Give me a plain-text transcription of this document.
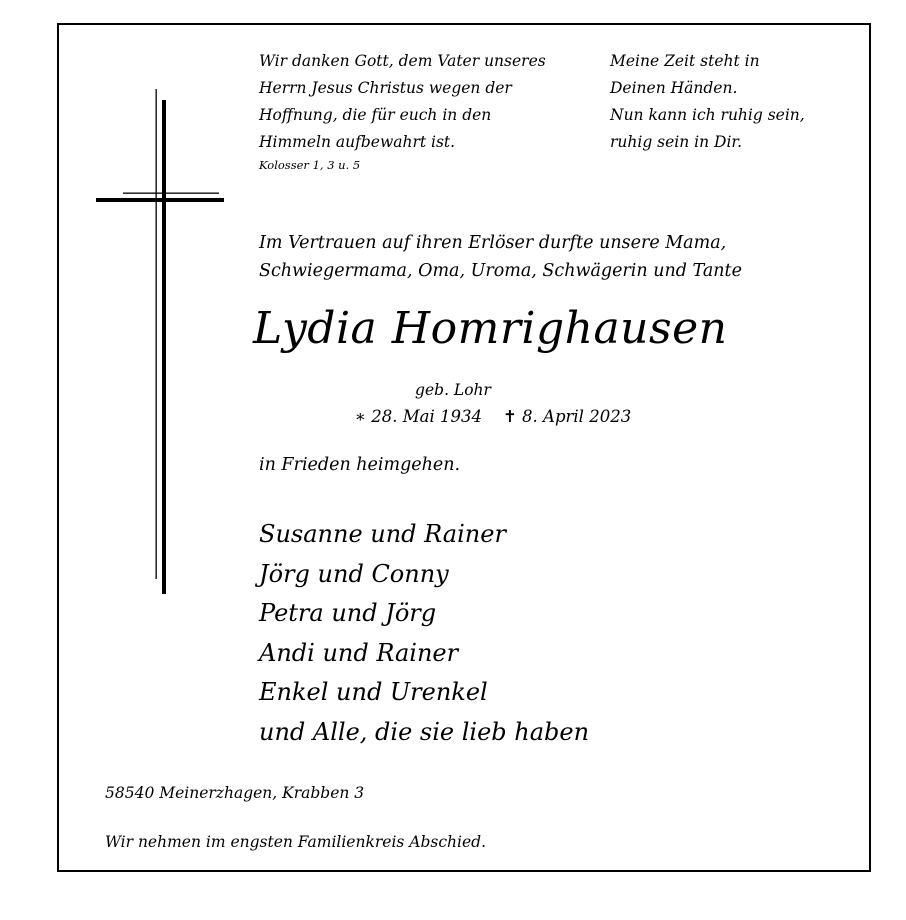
Wir danken Gott, dem Vater unseres
Herrn Jesus Christus wegen der
Hoffnung, die für euch in den
Himmeln aufbewahrt ist.
Kolosser 1, 3 u. 5
Meine Zeit steht in
Deinen Händen.
Nun kann ich ruhig sein,
ruhig sein in Dir.
Im Vertrauen auf ihren Erlöser durfte unsere Mama,
Schwiegermama, Oma, Uroma, Schwägerin und Tante
Lydia Homrighausen
geb. Lohr
∗ 28. Mai 1934 ✝ 8. April 2023
in Frieden heimgehen.
Susanne und Rainer
Jörg und Conny
Petra und Jörg
Andi und Rainer
Enkel und Urenkel
und Alle, die sie lieb haben
58540 Meinerzhagen, Krabben 3
Wir nehmen im engsten Familienkreis Abschied.
